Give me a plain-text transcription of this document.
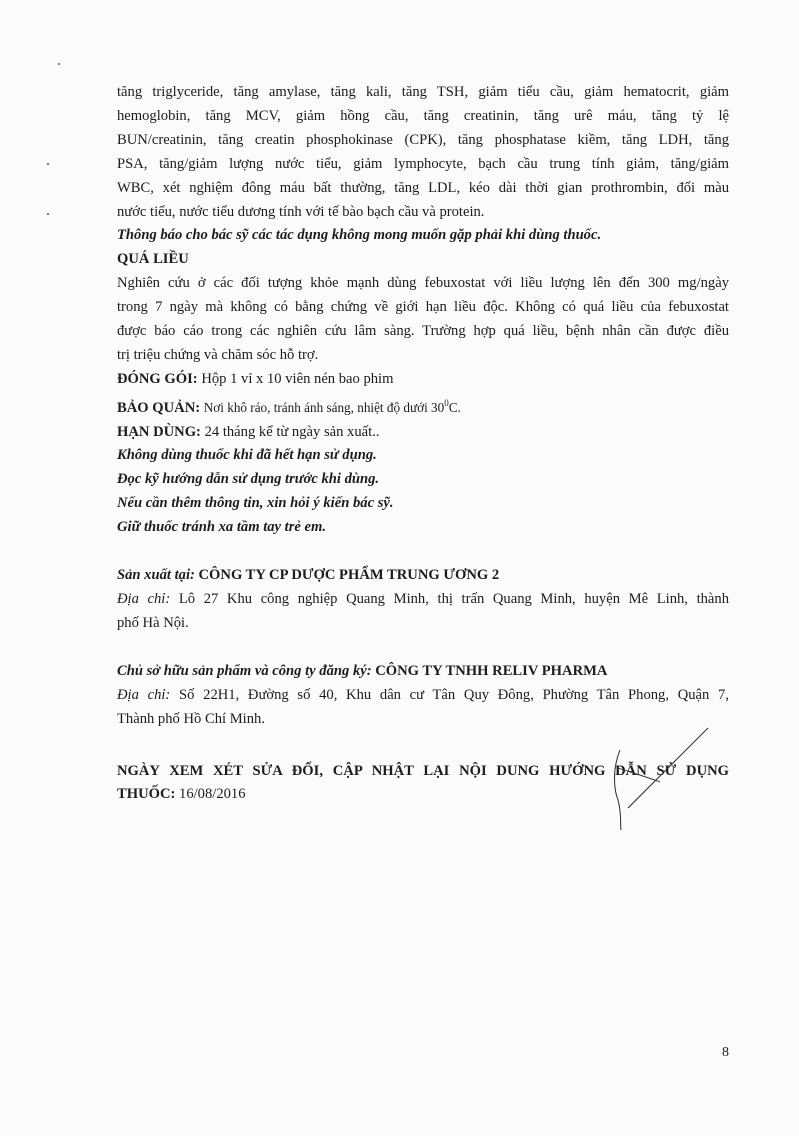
tăng triglyceride, tăng amylase, tăng kali, tăng TSH, giảm tiểu cầu, giảm hematocrit, giảm

hemoglobin, tăng MCV, giảm hồng cầu, tăng creatinin, tăng urê máu, tăng tỷ lệ

BUN/creatinin, tăng creatin phosphokinase (CPK), tăng phosphatase kiềm, tăng LDH, tăng

PSA, tăng/giảm lượng nước tiểu, giảm lymphocyte, bạch cầu trung tính giảm, tăng/giảm

WBC, xét nghiệm đông máu bất thường, tăng LDL, kéo dài thời gian prothrombin, đổi màu

nước tiểu, nước tiểu dương tính với tế bào bạch cầu và protein.

Thông báo cho bác sỹ các tác dụng không mong muốn gặp phải khi dùng thuốc.

QUÁ LIỀU

Nghiên cứu ở các đối tượng khỏe mạnh dùng febuxostat với liều lượng lên đến 300 mg/ngày

trong 7 ngày mà không có bằng chứng về giới hạn liều độc. Không có quá liều của febuxostat

được báo cáo trong các nghiên cứu lâm sàng. Trường hợp quá liều, bệnh nhân cần được điều

trị triệu chứng và chăm sóc hỗ trợ.

ĐÓNG GÓI: Hộp 1 vỉ x 10 viên nén bao phim

BẢO QUẢN: Nơi khô ráo, tránh ánh sáng, nhiệt độ dưới $30^0C$.

HẠN DÙNG: 24 tháng kể từ ngày sản xuất..

Không dùng thuốc khi đã hết hạn sử dụng.

Đọc kỹ hướng dẫn sử dụng trước khi dùng.

Nếu cần thêm thông tin, xin hỏi ý kiến bác sỹ.

Giữ thuốc tránh xa tầm tay trẻ em.

Sản xuất tại: CÔNG TY CP DƯỢC PHẨM TRUNG ƯƠNG 2

Địa chỉ: Lô 27 Khu công nghiệp Quang Minh, thị trấn Quang Minh, huyện Mê Linh, thành

phố Hà Nội.

Chủ sở hữu sản phẩm và công ty đăng ký: CÔNG TY TNHH RELIV PHARMA

Địa chỉ: Số 22H1, Đường số 40, Khu dân cư Tân Quy Đông, Phường Tân Phong, Quận 7,

Thành phố Hồ Chí Minh.

NGÀY XEM XÉT SỬA ĐỔI, CẬP NHẬT LẠI NỘI DUNG HƯỚNG DẪN SỬ DỤNG

THUỐC: 16/08/2016

8
